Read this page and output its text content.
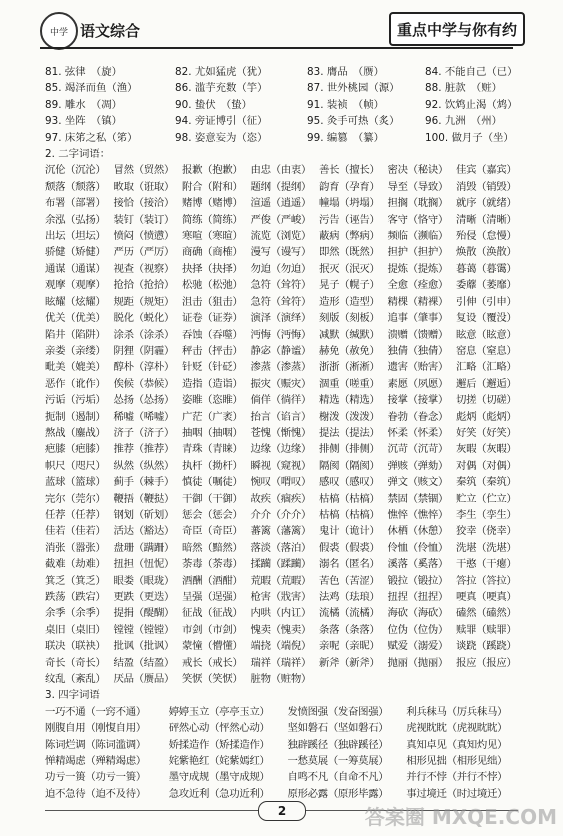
中学 语文综合	重点中学与你有约
81. 弦律　（旋）	82. 尤如猛虎（犹）	83. 膺品　（赝）	84. 不能自己（已）
85. 竭泽而鱼（渔）	86. 滥芋充数（竽）	87. 世外桃园（源）	88. 脏款　（赃）
89. 雕水　（凋）	90. 蛰伏　（蛰）	91. 装祯　（帧）	92. 饮鸩止渴（鸩）
93. 坐阵　（镇）	94. 旁证博引（征）	95. 灸手可热（炙）	96. 九洲　（州）
97. 床笫之私（笫）	98. 姿意妄为（恣）	99. 编篡　（纂）	100. 做月子（坐）
2. 二字词语：
沉伦（沉沦） 冒然（贸然） 报歉（抱歉） 由忠（由衷） 善长（擅长） 密决（秘诀） 佳宾（嘉宾）
颓落（颓落） 畋取（诳取） 附合（附和） 题纲（提纲） 韵育（孕育） 导至（导致） 消毁（销毁）
布署（部署） 接恰（接洽） 赌博（赌博） 渲遥（逍遥） 幢塌（坍塌） 担搁（耽搁） 就序（就绪）
余泓（弘扬） 装钉（装订） 简练（简练） 严俊（严峻） 污告（诬告） 客守（恪守） 清晰（清晰）
出坛（坦坛） 愤闷（愤懑） 寒喧（寒暄） 流览（浏览） 蔽病（弊病） 频临（濒临） 殆侵（怠慢）
骄健（矫健） 严历（严厉） 商确（商榷） 漫写（谩写） 即然（既然） 担护（担护） 焕散（涣散）
通谋（通谋） 视查（视察） 抉择（抉择） 勿迫（勿迫） 抿灭（泯灭） 提炼（提炼） 暮蔼（暮霭）
观摩（观摩） 抢拾（抢拾） 松驰（松弛） 急符（耸符） 晃子（幌子） 全愈（痊愈） 委蘼（萎靡）
眩耀（炫耀） 规距（规矩） 沮击（狙击） 急符（耸符） 造形（造型） 精棵（精裸） 引伸（引申）
优关（优美） 脱化（蜕化） 证卷（证券） 演泽（演绎） 刻版（刻板） 追事（肇事） 复设（覆没）
陷井（陷阱） 涂杀（涂杀） 吞蚀（吞噬） 沔悔（沔悔） 减默（缄默） 溃赠（馈赠） 眩意（眩意）
亲娄（亲缕） 阴狸（阴霾） 秤击（抨击） 静宓（静谧） 赫免（赦免） 独倩（独倩） 窑息（窒息）
毗美（媲美） 醇朴（淳朴） 针贬（针砭） 渗蒸（渗蒸） 浙浙（淅淅） 遗害（贻害） 汇略（汇略）
恶作（讹作） 俟候（恭候） 造指（造诣） 振灾（赈灾） 涸重（嗟重） 素愿（夙愿） 邂后（邂逅）
污诟（污垢） 怂扬（怂扬） 姿睢（恣睢） 倘佯（徜徉） 精选（精选） 接掌（接掌） 切搓（切磋）
扼制（遏制） 稀嘘（唏嘘） 广茫（广袤） 抬言（谄言） 榭泼（泼泼） 眷勃（眷念） 彪炳（彪炳）
熬战（鏖战） 济子（济子） 抽咽（抽咽） 苍愧（惭愧） 提法（提法） 怀柔（怀柔） 好笑（好笑）
疤膝（疤膝） 推荐（推荐） 青珠（青睐） 边缘（边缘） 排侧（排侧） 沉苛（沉苛） 灰暇（灰暇）
帜尺（咫尺） 纵然（纵然） 执杆（拗杆） 瞬视（窥视） 隔阂（隔阂） 弹赅（弹劾） 对偶（对偶）
蓝球（篮球） 蓟手（棘手） 慎徒（嘱徒） 惋叹（喟叹） 感叹（感叹） 弹文（赅文） 秦筑（秦筑）
完尔（莞尔） 鞭捂（鞭挞） 干御（干御） 故疾（痼疾） 枯槁（枯槁） 禁固（禁锢） 贮立（伫立）
任荐（任荐） 钢划（斫划） 惩会（惩会） 介介（介介） 枯槁（枯槁） 憔悴（憔悴） 李生（孪生）
佳若（佳若） 活达（豁达） 奇臣（奇臣） 蕃篱（藩篱） 鬼计（诡计） 休栖（休憩） 狡幸（侥幸）
消张（嚣张） 盘珊（蹒跚） 暗然（黯然） 落淡（落泊） 假裘（假裘） 伶恤（伶恤） 洗堪（洗堪）
截难（劫难） 扭担（忸怩） 荼毒（荼毒） 揉躏（蹂躏） 溺名（匿名） 溪落（奚落） 干憨（干瘪）
箕乏（箕乏） 眼娄（眼珑） 酒酬（酒酣） 荒暇（荒暇） 苦色（苦涩） 锻拉（锻拉） 答拉（答拉）
跌荡（跌宕） 更跌（更迭） 呈强（逞强） 枪害（戕害） 法鸡（珐琅） 扭捏（扭捏） 哽真（哽真）
余季（余季） 提捐（醍醐） 征战（征战） 内哄（内讧） 流橘（流橘） 海砍（海砍） 磕然（磕然）
桌旧（桌旧） 镗镗（镗镗） 市剑（市剑） 愧卖（愧卖） 条落（条落） 位伪（位伪） 赎罪（赎罪）
联决（联袂） 批讽（批讽） 蒙憧（懵懂） 端挠（端倪） 亲呢（亲昵） 赋爱（溺爱） 谈跷（蹊跷）
奇长（奇长） 结盈（结盈） 戒长（戒长） 瑞祥（瑞祥） 新斧（新斧） 抛丽（抛丽） 报应（报应）
纹乱（紊乱） 厌品（赝品） 笑恹（笑恹） 脏物（赃物）
3. 四字词语
一巧不通（一窍不通）	婷婷玉立（亭亭玉立）	发愤图强（发奋图强）	利兵秣马（厉兵秣马）
刚腹自用（刚愎自用）	砰然心动（怦然心动）	坚如磐石（坚如磐石）	虎视眈眈（虎视眈眈）
陈词烂调（陈词滥调）	娇揉造作（矫揉造作）	独辟蹊径（独辟蹊径）	真知卓见（真知灼见）
惮精竭虑（殚精竭虑）	姹紫艳红（姹紫嫣红）	一愁莫展（一筹莫展）	相形见拙（相形见绌）
功亏一篑（功亏一篑）	墨守成规（墨守成规）	自鸣不凡（自命不凡）	并行不悖（并行不悖）
迫不急待（迫不及待）	急攻近利（急功近利）	原形必露（原形毕露）	事过境迁（时过境迁）
2	答案圈 MXQE.COM
